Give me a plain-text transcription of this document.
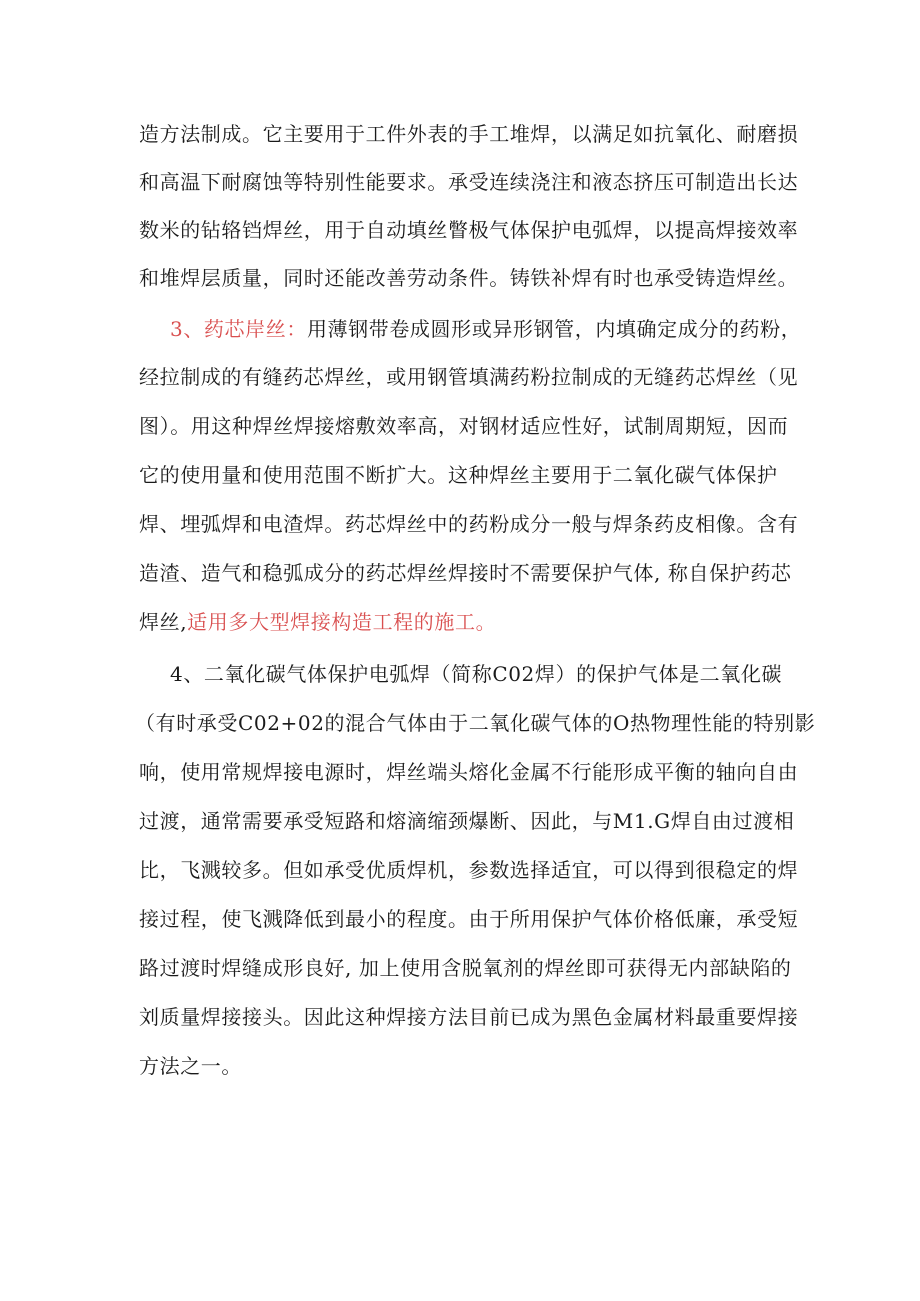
造方法制成。它主要用于工件外表的手工堆焊，以满足如抗氧化、耐磨损
和高温下耐腐蚀等特别性能要求。承受连续浇注和液态挤压可制造出长达
数米的钻辂铛焊丝，用于自动填丝瞥极气体保护电弧焊，以提高焊接效率
和堆焊层质量，同时还能改善劳动条件。铸铁补焊有时也承受铸造焊丝。
3、药芯岸丝：用薄钢带卷成圆形或异形钢管，内填确定成分的药粉，
经拉制成的有缝药芯焊丝，或用钢管填满药粉拉制成的无缝药芯焊丝（见
图）。用这种焊丝焊接熔敷效率高，对钢材适应性好，试制周期短，因而
它的使用量和使用范围不断扩大。这种焊丝主要用于二氧化碳气体保护
焊、埋弧焊和电渣焊。药芯焊丝中的药粉成分一般与焊条药皮相像。含有
造渣、造气和稳弧成分的药芯焊丝焊接时不需要保护气体, 称自保护药芯
焊丝,适用多大型焊接构造工程的施工。
4、二氧化碳气体保护电弧焊（简称C02焊）的保护气体是二氧化碳
（有时承受C02+02的混合气体由于二氧化碳气体的O热物理性能的特别影
响，使用常规焊接电源时，焊丝端头熔化金属不行能形成平衡的轴向自由
过渡，通常需要承受短路和熔滴缩颈爆断、因此，与M1.G焊自由过渡相
比，飞溅较多。但如承受优质焊机，参数选择适宜，可以得到很稳定的焊
接过程，使飞溅降低到最小的程度。由于所用保护气体价格低廉，承受短
路过渡时焊缝成形良好, 加上使用含脱氧剂的焊丝即可获得无内部缺陷的
刘质量焊接接头。因此这种焊接方法目前已成为黑色金属材料最重要焊接
方法之一。
